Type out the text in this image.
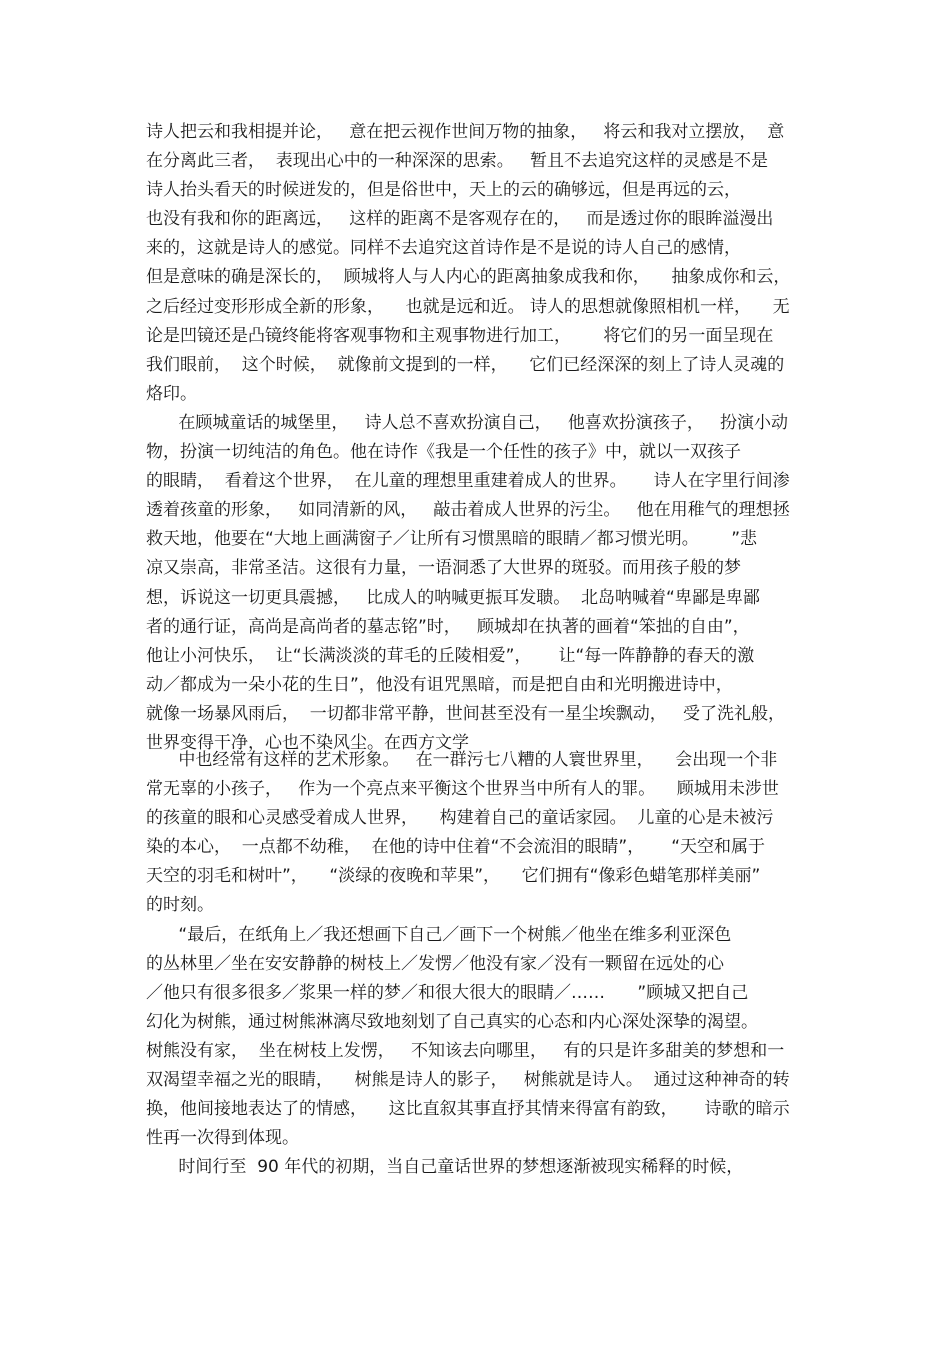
诗人把云和我相提并论，   意在把云视作世间万物的抽象，   将云和我对立摆放，  意
在分离此三者，  表现出心中的一种深深的思索。   暂且不去追究这样的灵感是不是
诗人抬头看天的时候迸发的，但是俗世中，天上的云的确够远，但是再远的云，
也没有我和你的距离远，   这样的距离不是客观存在的，   而是透过你的眼眸溢漫出
来的，这就是诗人的感觉。同样不去追究这首诗作是不是说的诗人自己的感情，
但是意味的确是深长的，  顾城将人与人内心的距离抽象成我和你，    抽象成你和云，
之后经过变形形成全新的形象，    也就是远和近。 诗人的思想就像照相机一样，    无
论是凹镜还是凸镜终能将客观事物和主观事物进行加工，      将它们的另一面呈现在
我们眼前，  这个时候，  就像前文提到的一样，    它们已经深深的刻上了诗人灵魂的
烙印。
在顾城童话的城堡里，   诗人总不喜欢扮演自己，   他喜欢扮演孩子，   扮演小动
物，扮演一切纯洁的角色。他在诗作《我是一个任性的孩子》中，就以一双孩子
的眼睛，  看着这个世界，  在儿童的理想里重建着成人的世界。     诗人在字里行间渗
透着孩童的形象，   如同清新的风，   敲击着成人世界的污尘。   他在用稚气的理想拯
救天地，他要在“大地上画满窗子／让所有习惯黑暗的眼睛／都习惯光明。      ”悲
凉又崇高，非常圣洁。这很有力量，一语洞悉了大世界的斑驳。而用孩子般的梦
想，诉说这一切更具震撼，   比成人的呐喊更振耳发聩。  北岛呐喊着“卑鄙是卑鄙
者的通行证，高尚是高尚者的墓志铭”时，   顾城却在执著的画着“笨拙的自由”，
他让小河快乐，  让“长满淡淡的茸毛的丘陵相爱”，     让“每一阵静静的春天的激
动／都成为一朵小花的生日”，他没有诅咒黑暗，而是把自由和光明搬进诗中，
就像一场暴风雨后，  一切都非常平静，世间甚至没有一星尘埃飘动，   受了洗礼般，
世界变得干净，心也不染风尘。在西方文学
中也经常有这样的艺术形象。   在一群污七八糟的人寰世界里，    会出现一个非
常无辜的小孩子，   作为一个亮点来平衡这个世界当中所有人的罪。    顾城用未涉世
的孩童的眼和心灵感受着成人世界，    构建着自己的童话家园。  儿童的心是未被污
染的本心，  一点都不幼稚，  在他的诗中住着“不会流泪的眼睛”，     “天空和属于
天空的羽毛和树叶”，    “淡绿的夜晚和苹果”，    它们拥有“像彩色蜡笔那样美丽”
的时刻。
“最后，在纸角上／我还想画下自己／画下一个树熊／他坐在维多利亚深色
的丛林里／坐在安安静静的树枝上／发愣／他没有家／没有一颗留在远处的心
／他只有很多很多／浆果一样的梦／和很大很大的眼睛／……      ”顾城又把自己
幻化为树熊，通过树熊淋漓尽致地刻划了自己真实的心态和内心深处深挚的渴望。
树熊没有家，  坐在树枝上发愣，   不知该去向哪里，   有的只是许多甜美的梦想和一
双渴望幸福之光的眼睛，    树熊是诗人的影子，   树熊就是诗人。  通过这种神奇的转
换，他间接地表达了的情感，    这比直叙其事直抒其情来得富有韵致，     诗歌的暗示
性再一次得到体现。
时间行至  90 年代的初期，当自己童话世界的梦想逐渐被现实稀释的时候，
